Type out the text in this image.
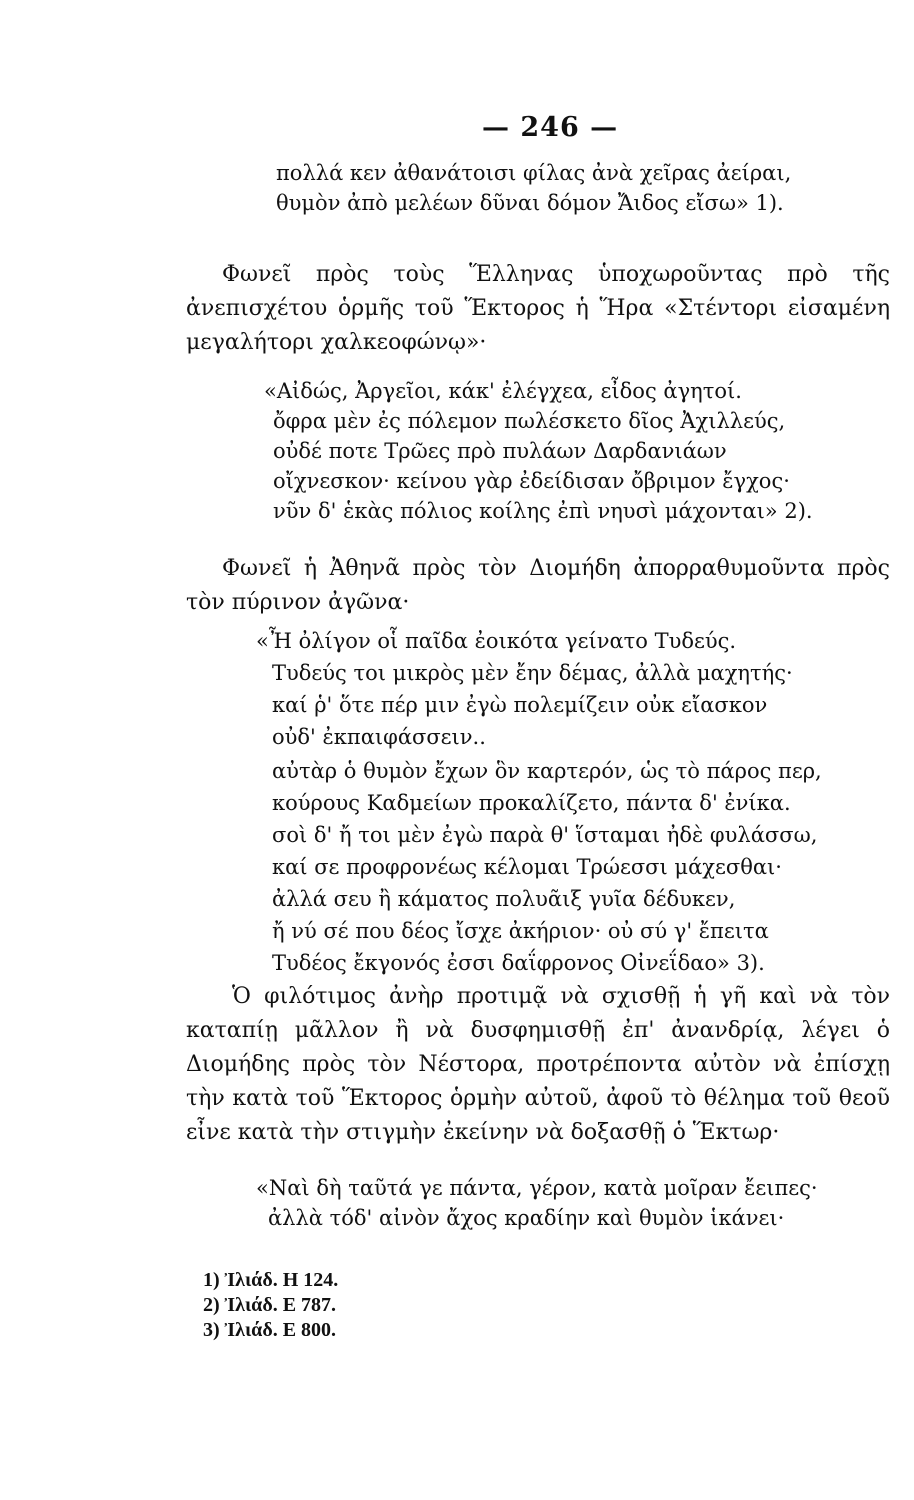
— 246 —
πολλά κεν ἀθανάτοισι φίλας ἀνὰ χεῖρας ἀείραι,
θυμὸν ἀπὸ μελέων δῦναι δόμον Ἄιδος εἴσω» 1).
Φωνεῖ πρὸς τοὺς Ἕλληνας ὑποχωροῦντας πρὸ τῆς ἀνεπισχέτου ὁρμῆς τοῦ Ἕκτορος ἡ Ἥρα «Στέντορι εἰσαμένη μεγαλήτορι χαλκεοφώνῳ»·
«Αἰδώς, Ἀργεῖοι, κάκ' ἐλέγχεα, εἶδος ἀγητοί.
ὄφρα μὲν ἐς πόλεμον πωλέσκετο δῖος Ἀχιλλεύς,
οὐδέ ποτε Τρῶες πρὸ πυλάων Δαρδανιάων
οἴχνεσκον· κείνου γὰρ ἐδείδισαν ὄβριμον ἔγχος·
νῦν δ' ἑκὰς πόλιος κοίλης ἐπὶ νηυσὶ μάχονται» 2).
Φωνεῖ ἡ Ἀθηνᾶ πρὸς τὸν Διομήδη ἀπορραθυμοῦντα πρὸς τὸν πύρινον ἀγῶνα·
«Ἦ ὀλίγον οἷ παῖδα ἐοικότα γείνατο Τυδεύς.
Τυδεύς τοι μικρὸς μὲν ἔην δέμας, ἀλλὰ μαχητής·
καί ῥ' ὅτε πέρ μιν ἐγὼ πολεμίζειν οὐκ εἴασκον
οὐδ' ἐκπαιφάσσειν..
αὐτὰρ ὁ θυμὸν ἔχων ὃν καρτερόν, ὡς τὸ πάρος περ,
κούρους Καδμείων προκαλίζετο, πάντα δ' ἐνίκα.
σοὶ δ' ἤ τοι μὲν ἐγὼ παρὰ θ' ἵσταμαι ἠδὲ φυλάσσω,
καί σε προφρονέως κέλομαι Τρώεσσι μάχεσθαι·
ἀλλά σευ ἢ κάματος πολυᾶιξ γυῖα δέδυκεν,
ἤ νύ σέ που δέος ἴσχε ἀκήριον· οὐ σύ γ' ἔπειτα
Τυδέος ἔκγονός ἐσσι δαΐφρονος Οἰνεΐδαο» 3).
Ὁ φιλότιμος ἀνὴρ προτιμᾷ νὰ σχισθῇ ἡ γῆ καὶ νὰ τὸν καταπίῃ μᾶλλον ἢ νὰ δυσφημισθῇ ἐπ' ἀνανδρίᾳ, λέγει ὁ Διομήδης πρὸς τὸν Νέστορα, προτρέποντα αὐτὸν νὰ ἐπίσχῃ τὴν κατὰ τοῦ Ἕκτορος ὁρμὴν αὐτοῦ, ἀφοῦ τὸ θέλημα τοῦ θεοῦ εἶνε κατὰ τὴν στιγμὴν ἐκείνην νὰ δοξασθῇ ὁ Ἕκτωρ·
«Ναὶ δὴ ταῦτά γε πάντα, γέρον, κατὰ μοῖραν ἔειπες·
ἀλλὰ τόδ' αἰνὸν ἄχος κραδίην καὶ θυμὸν ἱκάνει·
1) Ἰλιάδ. Η 124.
2) Ἰλιάδ. Ε 787.
3) Ἰλιάδ. Ε 800.
